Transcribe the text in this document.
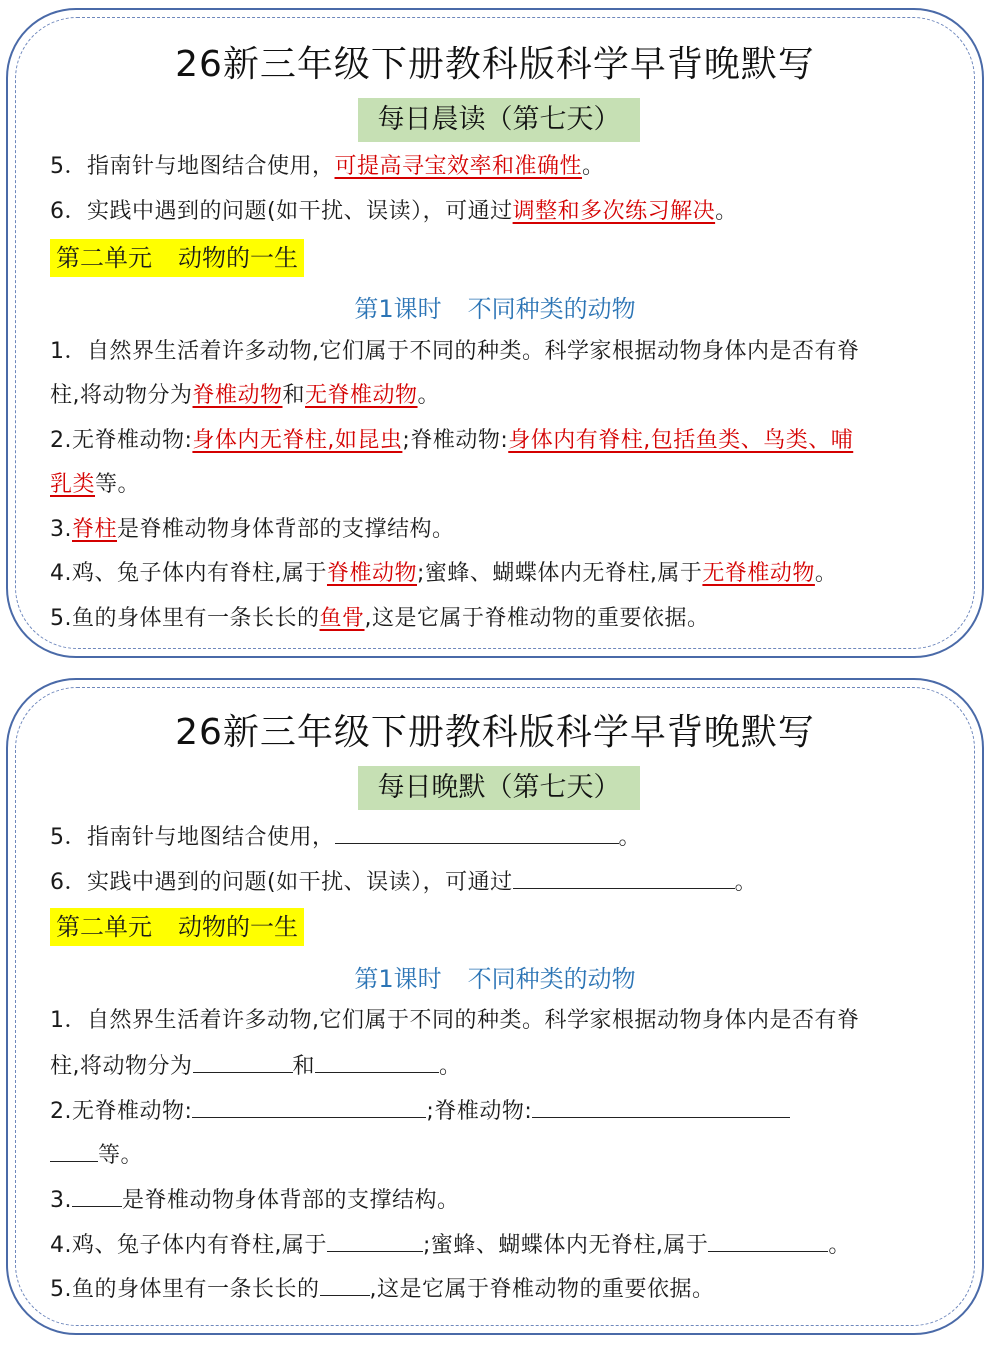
26新三年级下册教科版科学早背晚默写
每日晨读（第七天）
5．指南针与地图结合使用，可提高寻宝效率和准确性。
6．实践中遇到的问题(如干扰、误读），可通过调整和多次练习解决。
第二单元 动物的一生
第1课时 不同种类的动物
1．自然界生活着许多动物,它们属于不同的种类。科学家根据动物身体内是否有脊
柱,将动物分为脊椎动物和无脊椎动物。
2.无脊椎动物:身体内无脊柱,如昆虫;脊椎动物:身体内有脊柱,包括鱼类、鸟类、哺
乳类等。
3.脊柱是脊椎动物身体背部的支撑结构。
4.鸡、兔子体内有脊柱,属于脊椎动物;蜜蜂、蝴蝶体内无脊柱,属于无脊椎动物。
5.鱼的身体里有一条长长的鱼骨,这是它属于脊椎动物的重要依据。
26新三年级下册教科版科学早背晚默写
每日晚默（第七天）
5．指南针与地图结合使用，	。
6．实践中遇到的问题(如干扰、误读），可通过	。
第二单元 动物的一生
第1课时 不同种类的动物
1．自然界生活着许多动物,它们属于不同的种类。科学家根据动物身体内是否有脊
柱,将动物分为	和	。
2.无脊椎动物:	;脊椎动物:
等。
3. 是脊椎动物身体背部的支撑结构。
4.鸡、兔子体内有脊柱,属于	;蜜蜂、蝴蝶体内无脊柱,属于	。
5.鱼的身体里有一条长长的 ,这是它属于脊椎动物的重要依据。
